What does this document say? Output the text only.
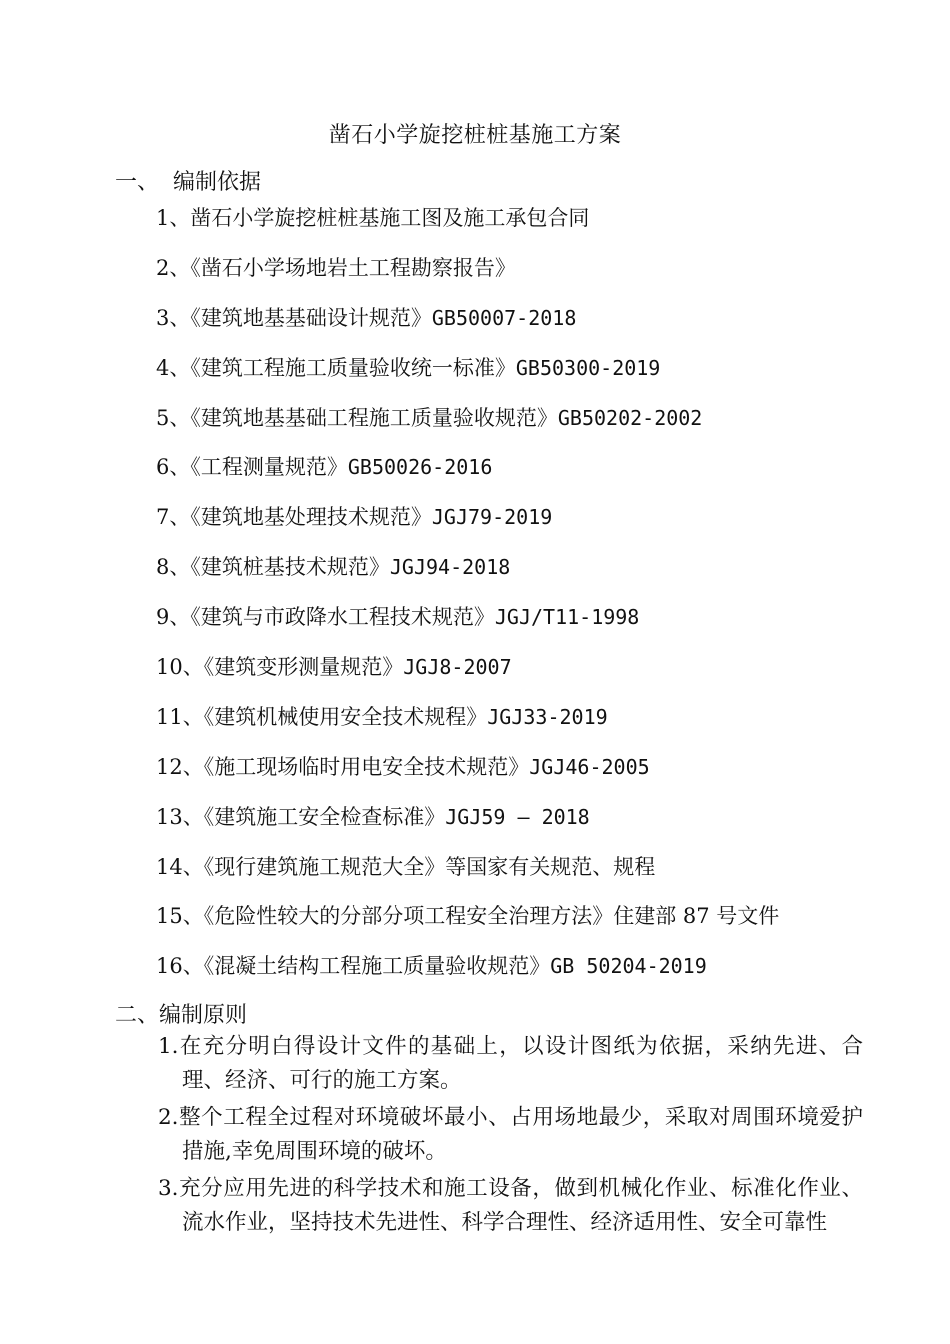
凿石小学旋挖桩桩基施工方案
一、 编制依据
1、凿石小学旋挖桩桩基施工图及施工承包合同
2、《凿石小学场地岩土工程勘察报告》
3、《建筑地基基础设计规范》GB50007-2018
4、《建筑工程施工质量验收统一标准》GB50300-2019
5、《建筑地基基础工程施工质量验收规范》GB50202-2002
6、《工程测量规范》GB50026-2016
7、《建筑地基处理技术规范》JGJ79-2019
8、《建筑桩基技术规范》JGJ94-2018
9、《建筑与市政降水工程技术规范》JGJ/T11-1998
10、《建筑变形测量规范》JGJ8-2007
11、《建筑机械使用安全技术规程》JGJ33-2019
12、《施工现场临时用电安全技术规范》JGJ46-2005
13、《建筑施工安全检查标准》JGJ59 – 2018
14、《现行建筑施工规范大全》等国家有关规范、规程
15、《危险性较大的分部分项工程安全治理方法》住建部 87 号文件
16、《混凝土结构工程施工质量验收规范》GB 50204-2019
二、编制原则
1.在充分明白得设计文件的基础上，以设计图纸为依据，采纳先进、合理、经济、可行的施工方案。
2.整个工程全过程对环境破坏最小、占用场地最少，采取对周围环境爱护措施,幸免周围环境的破坏。
3.充分应用先进的科学技术和施工设备，做到机械化作业、标准化作业、流水作业，坚持技术先进性、科学合理性、经济适用性、安全可靠性
